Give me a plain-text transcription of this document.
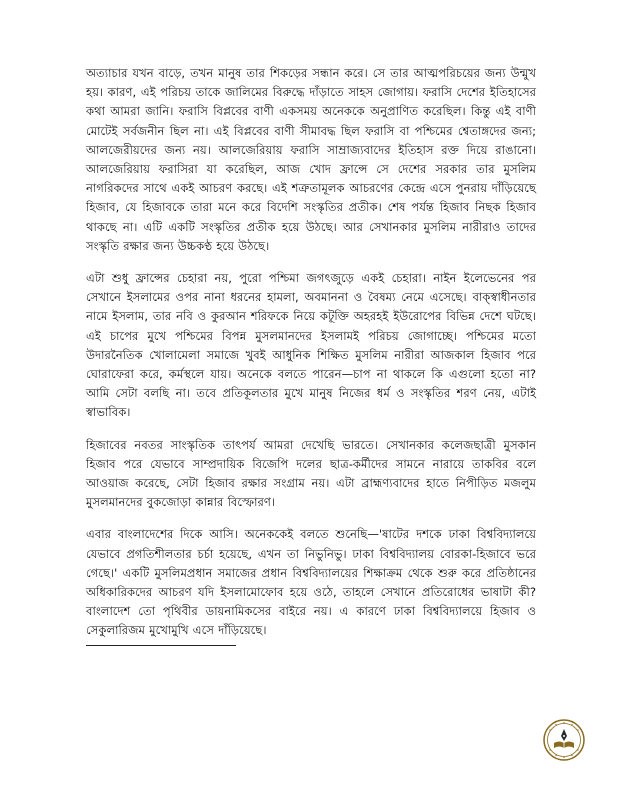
অত্যাচার যখন বাড়ে, তখন মানুষ তার শিকড়ের সন্ধান করে। সে তার আত্মপরিচয়ের জন্য উন্মুখ হয়। কারণ, এই পরিচয় তাকে জালিমের বিরুদ্ধে দাঁড়াতে সাহস জোগায়। ফরাসি দেশের ইতিহাসের কথা আমরা জানি। ফরাসি বিপ্লবের বাণী একসময় অনেককে অনুপ্রাণিত করেছিল। কিন্তু এই বাণী মোটেই সর্বজনীন ছিল না। এই বিপ্লবের বাণী সীমাবদ্ধ ছিল ফরাসি বা পশ্চিমের শ্বেতাঙ্গদের জন্য; আলজেরীয়দের জন্য নয়। আলজেরিয়ায় ফরাসি সাম্রাজ্যবাদের ইতিহাস রক্ত দিয়ে রাঙানো। আলজেরিয়ায় ফরাসিরা যা করেছিল, আজ খোদ ফ্রান্সে সে দেশের সরকার তার মুসলিম নাগরিকদের সাথে একই আচরণ করছে। এই শত্রুতামূলক আচরণের কেন্দ্রে এসে পুনরায় দাঁড়িয়েছে হিজাব, যে হিজাবকে তারা মনে করে বিদেশি সংস্কৃতির প্রতীক। শেষ পর্যন্ত হিজাব নিছক হিজাব থাকছে না। এটি একটি সংস্কৃতির প্রতীক হয়ে উঠছে। আর সেখানকার মুসলিম নারীরাও তাদের সংস্কৃতি রক্ষার জন্য উচ্চকণ্ঠ হয়ে উঠছে।

এটা শুধু ফ্রান্সের চেহারা নয়, পুরো পশ্চিমা জগৎজুড়ে একই চেহারা। নাইন ইলেভেনের পর সেখানে ইসলামের ওপর নানা ধরনের হামলা, অবমাননা ও বৈষম্য নেমে এসেছে। বাক্স্বাধীনতার নামে ইসলাম, তার নবি ও কুরআন শরিফকে নিয়ে কটূক্তি অহরহই ইউরোপের বিভিন্ন দেশে ঘটছে। এই চাপের মুখে পশ্চিমের বিপন্ন মুসলমানদের ইসলামই পরিচয় জোগাচ্ছে। পশ্চিমের মতো উদারনৈতিক খোলামেলা সমাজে খুবই আধুনিক শিক্ষিত মুসলিম নারীরা আজকাল হিজাব পরে ঘোরাফেরা করে, কর্মস্থলে যায়। অনেকে বলতে পারেন—চাপ না থাকলে কি এগুলো হতো না? আমি সেটা বলছি না। তবে প্রতিকূলতার মুখে মানুষ নিজের ধর্ম ও সংস্কৃতির শরণ নেয়, এটাই স্বাভাবিক।

হিজাবের নবতর সাংস্কৃতিক তাৎপর্য আমরা দেখেছি ভারতে। সেখানকার কলেজছাত্রী মুসকান হিজাব পরে যেভাবে সাম্প্রদায়িক বিজেপি দলের ছাত্র-কর্মীদের সামনে নারায়ে তাকবির বলে আওয়াজ করেছে, সেটা হিজাব রক্ষার সংগ্রাম নয়। এটা ব্রাহ্মণ্যবাদের হাতে নিপীড়িত মজলুম মুসলমানদের বুকজোড়া কান্নার বিস্ফোরণ।

এবার বাংলাদেশের দিকে আসি। অনেককেই বলতে শুনেছি—'ষাটের দশকে ঢাকা বিশ্ববিদ্যালয়ে যেভাবে প্রগতিশীলতার চর্চা হয়েছে, এখন তা নিভুনিভু। ঢাকা বিশ্ববিদ্যালয় বোরকা-হিজাবে ভরে গেছে।' একটি মুসলিমপ্রধান সমাজের প্রধান বিশ্ববিদ্যালয়ের শিক্ষাক্রম থেকে শুরু করে প্রতিষ্ঠানের অধিকারিকদের আচরণ যদি ইসলামোফোব হয়ে ওঠে, তাহলে সেখানে প্রতিরোধের ভাষাটা কী? বাংলাদেশ তো পৃথিবীর ডায়নামিকসের বাইরে নয়। এ কারণে ঢাকা বিশ্ববিদ্যালয়ে হিজাব ও সেকুলারিজম মুখোমুখি এসে দাঁড়িয়েছে।
